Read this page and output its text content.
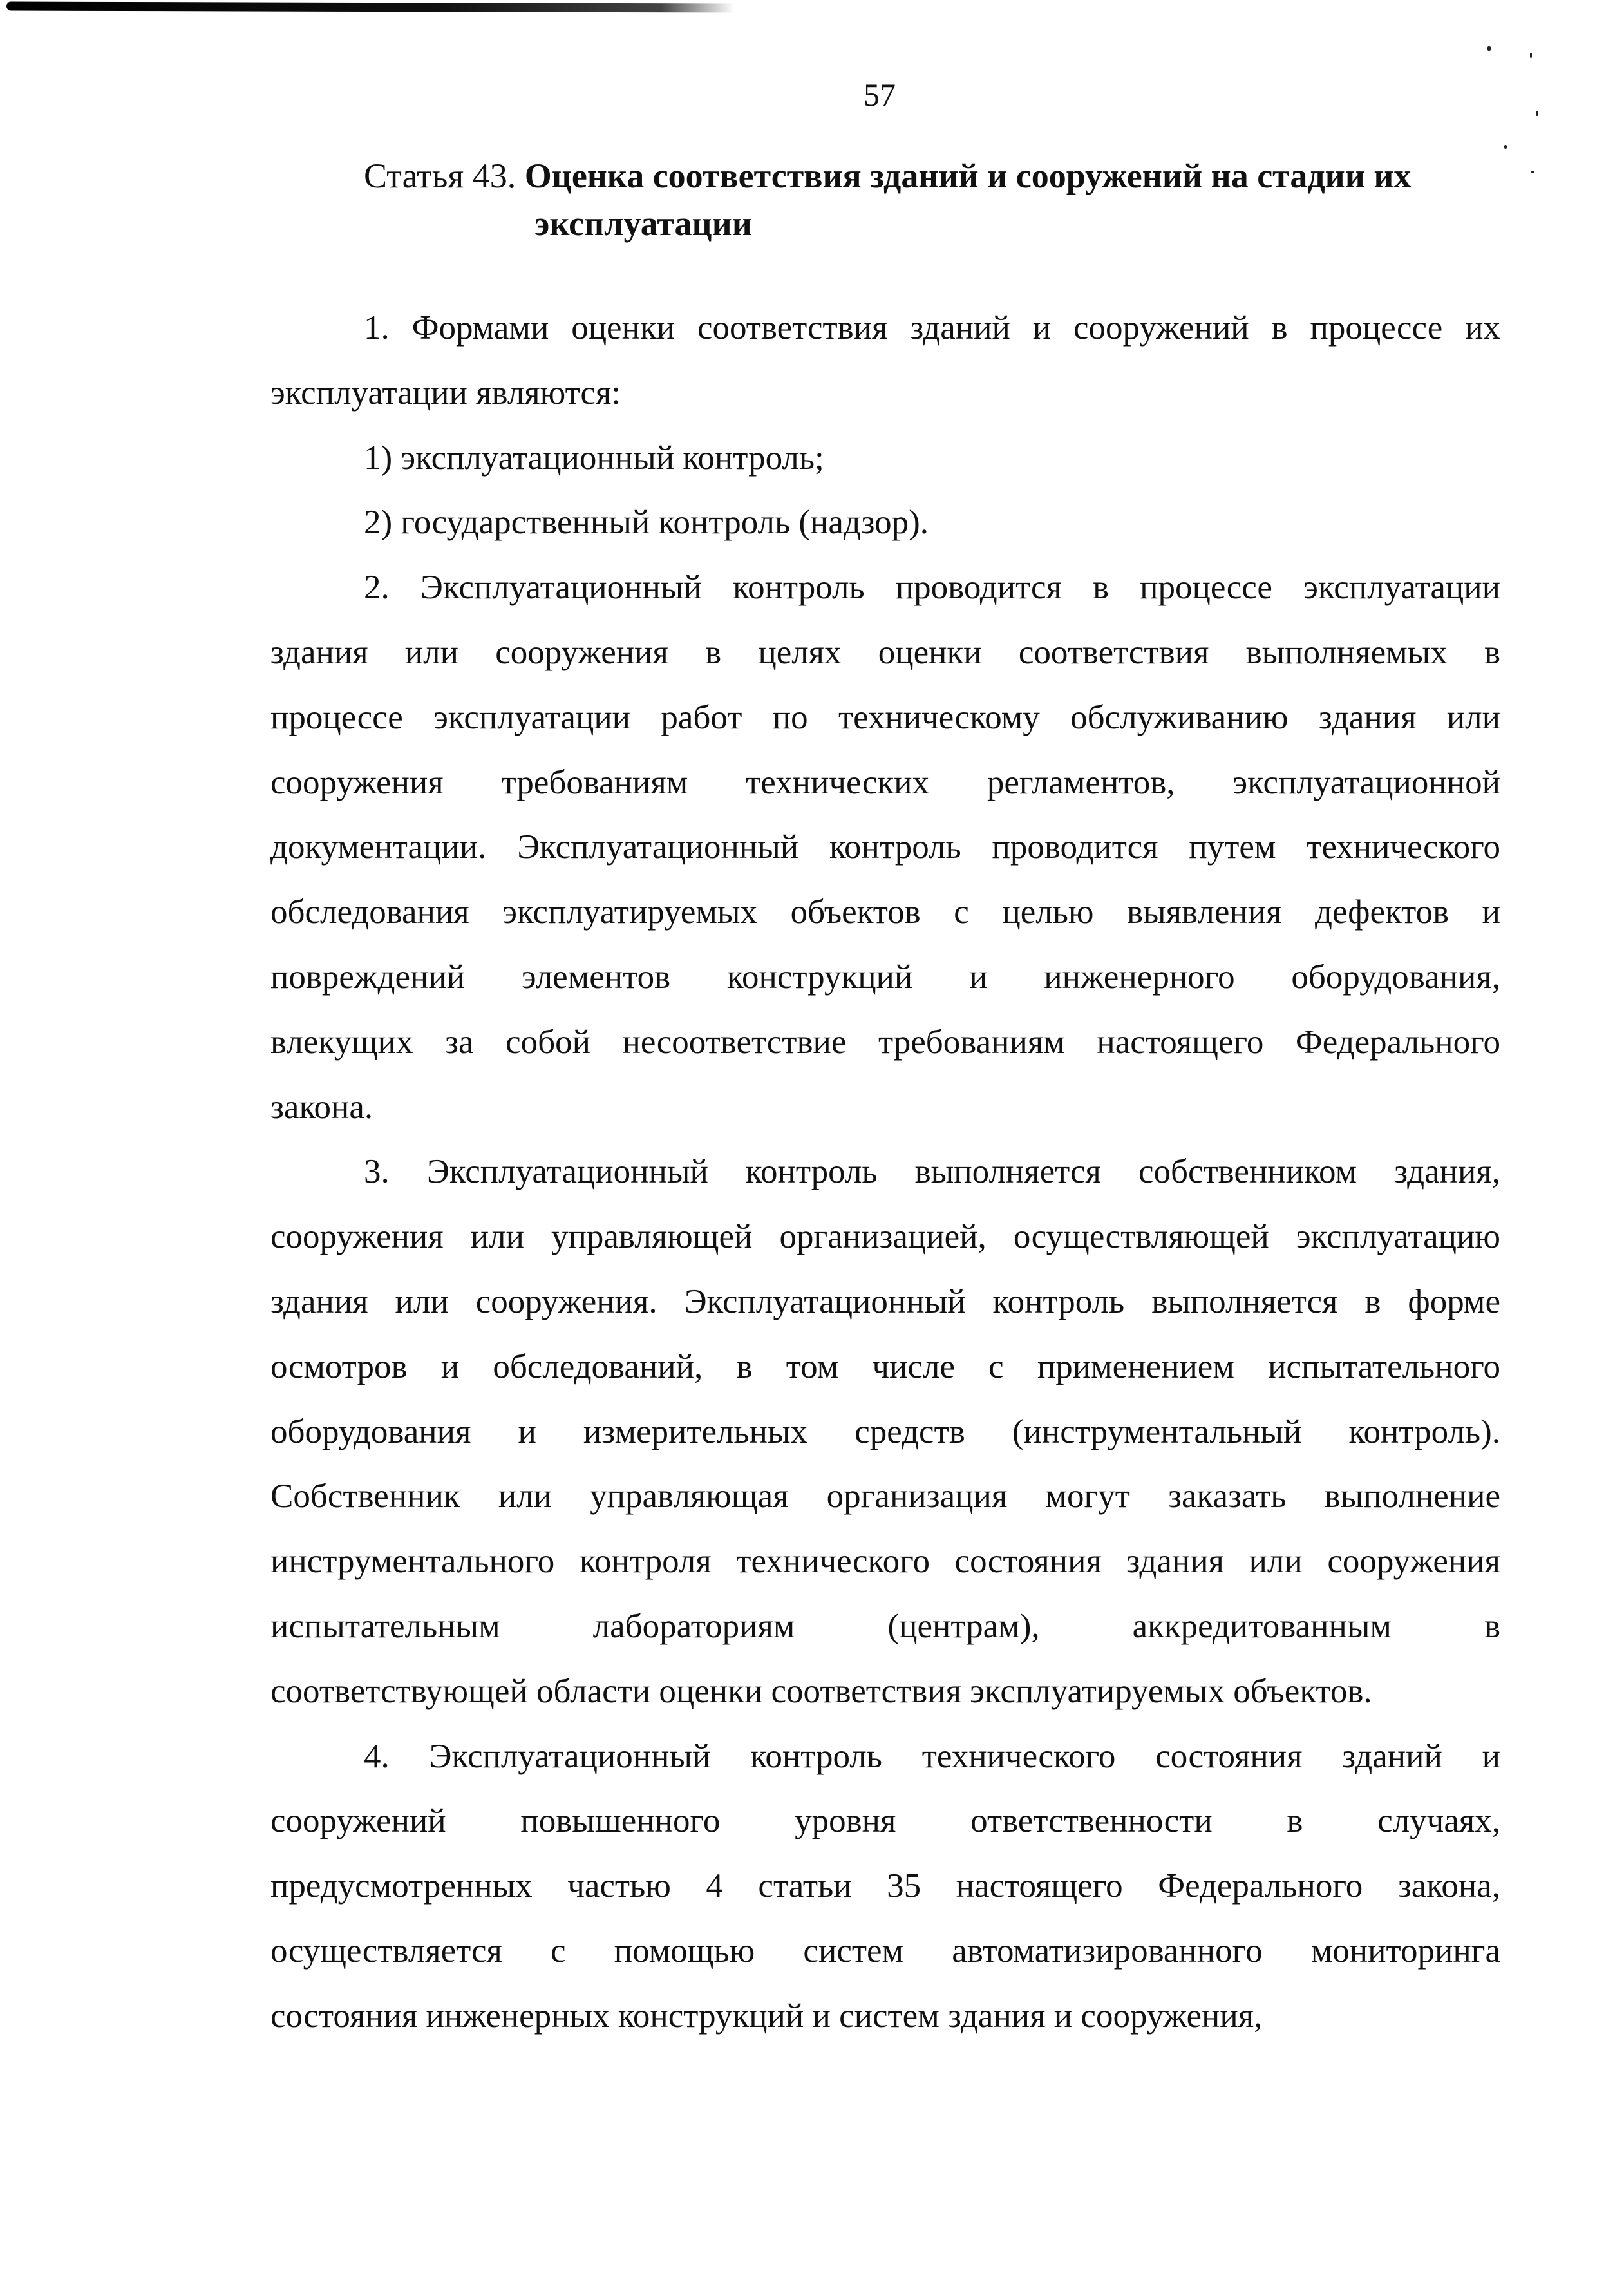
57
Статья 43. Оценка соответствия зданий и сооружений на стадии их
эксплуатации
1. Формами оценки соответствия зданий и сооружений в процессе их
эксплуатации являются:
1) эксплуатационный контроль;
2) государственный контроль (надзор).
2. Эксплуатационный контроль проводится в процессе эксплуатации
здания или сооружения в целях оценки соответствия выполняемых в
процессе эксплуатации работ по техническому обслуживанию здания или
сооружения требованиям технических регламентов, эксплуатационной
документации. Эксплуатационный контроль проводится путем технического
обследования эксплуатируемых объектов с целью выявления дефектов и
повреждений элементов конструкций и инженерного оборудования,
влекущих за собой несоответствие требованиям настоящего Федерального
закона.
3. Эксплуатационный контроль выполняется собственником здания,
сооружения или управляющей организацией, осуществляющей эксплуатацию
здания или сооружения. Эксплуатационный контроль выполняется в форме
осмотров и обследований, в том числе с применением испытательного
оборудования и измерительных средств (инструментальный контроль).
Собственник или управляющая организация могут заказать выполнение
инструментального контроля технического состояния здания или сооружения
испытательным лабораториям (центрам), аккредитованным в
соответствующей области оценки соответствия эксплуатируемых объектов.
4. Эксплуатационный контроль технического состояния зданий и
сооружений повышенного уровня ответственности в случаях,
предусмотренных частью 4 статьи 35 настоящего Федерального закона,
осуществляется с помощью систем автоматизированного мониторинга
состояния инженерных конструкций и систем здания и сооружения,
